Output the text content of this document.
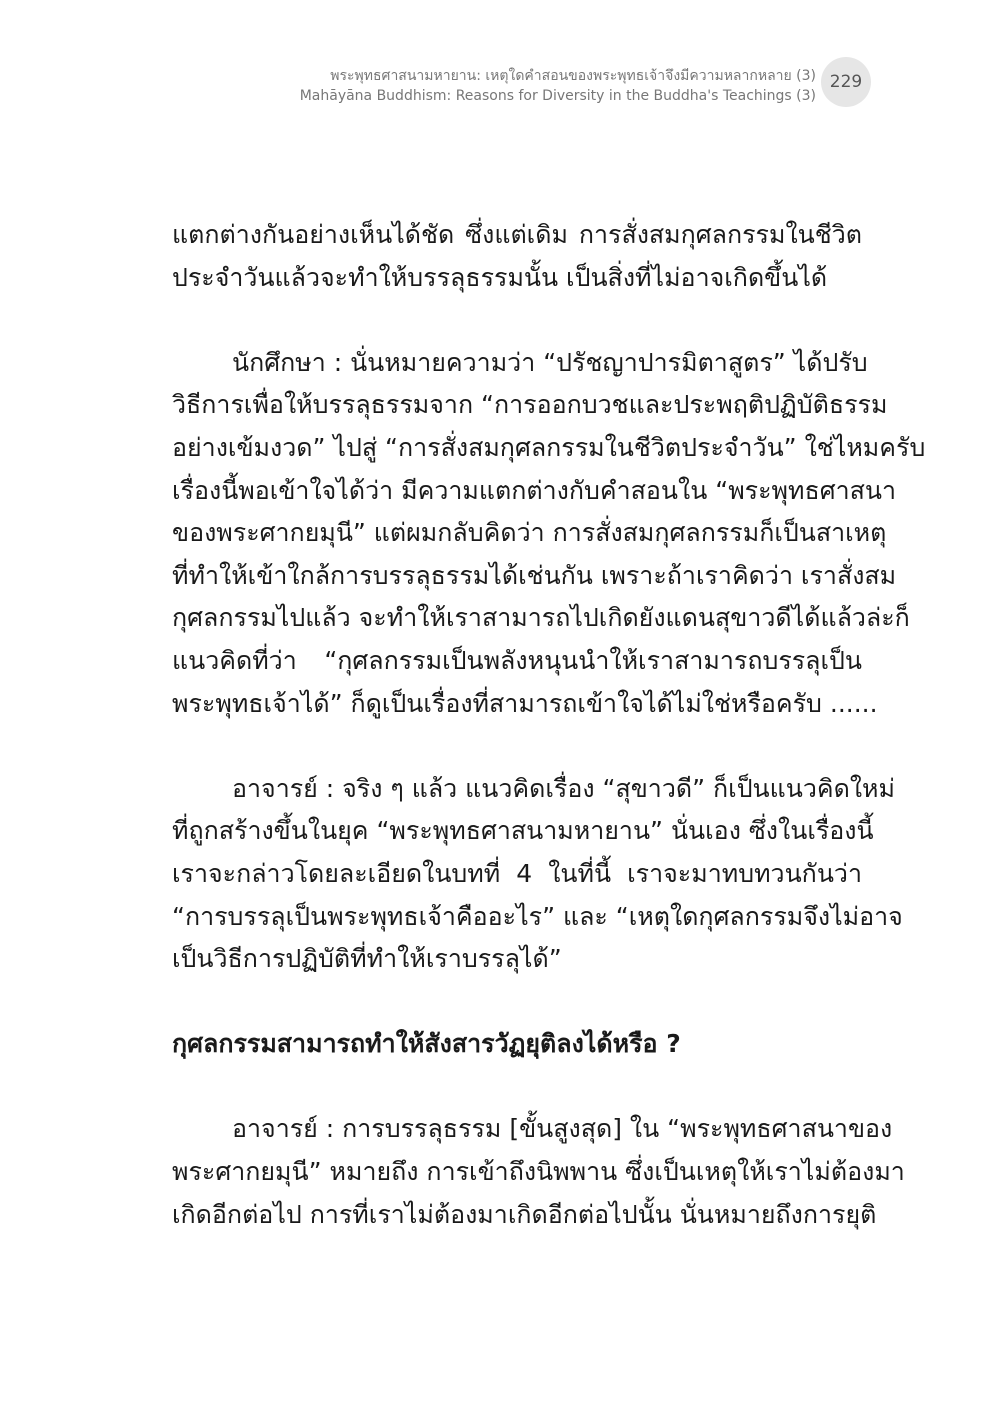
พระพุทธศาสนามหายาน: เหตุใดคำสอนของพระพุทธเจ้าจึงมีความหลากหลาย (3)
Mahāyāna Buddhism: Reasons for Diversity in the Buddha's Teachings (3)
229

แตกต่างกันอย่างเห็นได้ชัด ซึ่งแต่เดิม การสั่งสมกุศลกรรมในชีวิต
ประจำวันแล้วจะทำให้บรรลุธรรมนั้น เป็นสิ่งที่ไม่อาจเกิดขึ้นได้

นักศึกษา : นั่นหมายความว่า “ปรัชญาปารมิตาสูตร” ได้ปรับ
วิธีการเพื่อให้บรรลุธรรมจาก “การออกบวชและประพฤติปฏิบัติธรรม
อย่างเข้มงวด” ไปสู่ “การสั่งสมกุศลกรรมในชีวิตประจำวัน” ใช่ไหมครับ
เรื่องนี้พอเข้าใจได้ว่า มีความแตกต่างกับคำสอนใน “พระพุทธศาสนา
ของพระศากยมุนี” แต่ผมกลับคิดว่า การสั่งสมกุศลกรรมก็เป็นสาเหตุ
ที่ทำให้เข้าใกล้การบรรลุธรรมได้เช่นกัน เพราะถ้าเราคิดว่า เราสั่งสม
กุศลกรรมไปแล้ว จะทำให้เราสามารถไปเกิดยังแดนสุขาวดีได้แล้วล่ะก็
แนวคิดที่ว่า “กุศลกรรมเป็นพลังหนุนนำให้เราสามารถบรรลุเป็น
พระพุทธเจ้าได้” ก็ดูเป็นเรื่องที่สามารถเข้าใจได้ไม่ใช่หรือครับ ......

อาจารย์ : จริง ๆ แล้ว แนวคิดเรื่อง “สุขาวดี” ก็เป็นแนวคิดใหม่
ที่ถูกสร้างขึ้นในยุค “พระพุทธศาสนามหายาน” นั่นเอง ซึ่งในเรื่องนี้
เราจะกล่าวโดยละเอียดในบทที่ 4 ในที่นี้ เราจะมาทบทวนกันว่า
“การบรรลุเป็นพระพุทธเจ้าคืออะไร” และ “เหตุใดกุศลกรรมจึงไม่อาจ
เป็นวิธีการปฏิบัติที่ทำให้เราบรรลุได้”

กุศลกรรมสามารถทำให้สังสารวัฏยุติลงได้หรือ ?

อาจารย์ : การบรรลุธรรม [ขั้นสูงสุด] ใน “พระพุทธศาสนาของ
พระศากยมุนี” หมายถึง การเข้าถึงนิพพาน ซึ่งเป็นเหตุให้เราไม่ต้องมา
เกิดอีกต่อไป การที่เราไม่ต้องมาเกิดอีกต่อไปนั้น นั่นหมายถึงการยุติ
